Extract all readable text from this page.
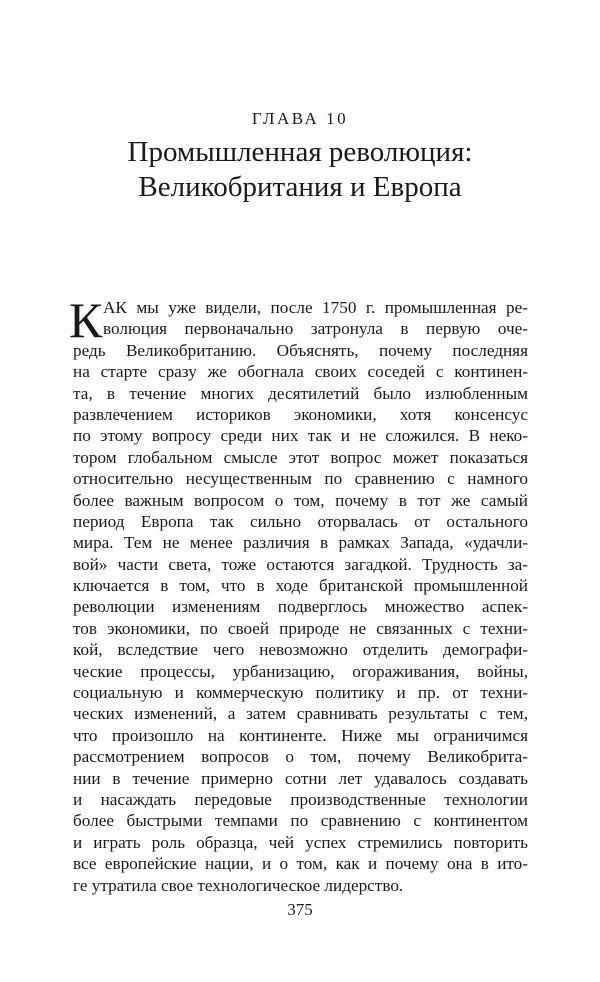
ГЛАВА 10
Промышленная революция:
Великобритания и Европа
К АК мы уже видели, после 1750 г. промышленная ре-
волюция первоначально затронула в первую оче-
редь Великобританию. Объяснять, почему последняя
на старте сразу же обогнала своих соседей с континен-
та, в течение многих десятилетий было излюбленным
развлечением историков экономики, хотя консенсус
по этому вопросу среди них так и не сложился. В неко-
тором глобальном смысле этот вопрос может показаться
относительно несущественным по сравнению с намного
более важным вопросом о том, почему в тот же самый
период Европа так сильно оторвалась от остального
мира. Тем не менее различия в рамках Запада, «удачли-
вой» части света, тоже остаются загадкой. Трудность за-
ключается в том, что в ходе британской промышленной
революции изменениям подверглось множество аспек-
тов экономики, по своей природе не связанных с техни-
кой, вследствие чего невозможно отделить демографи-
ческие процессы, урбанизацию, огораживания, войны,
социальную и коммерческую политику и пр. от техни-
ческих изменений, а затем сравнивать результаты с тем,
что произошло на континенте. Ниже мы ограничимся
рассмотрением вопросов о том, почему Великобрита-
нии в течение примерно сотни лет удавалось создавать
и насаждать передовые производственные технологии
более быстрыми темпами по сравнению с континентом
и играть роль образца, чей успех стремились повторить
все европейские нации, и о том, как и почему она в ито-
ге утратила свое технологическое лидерство.
375
